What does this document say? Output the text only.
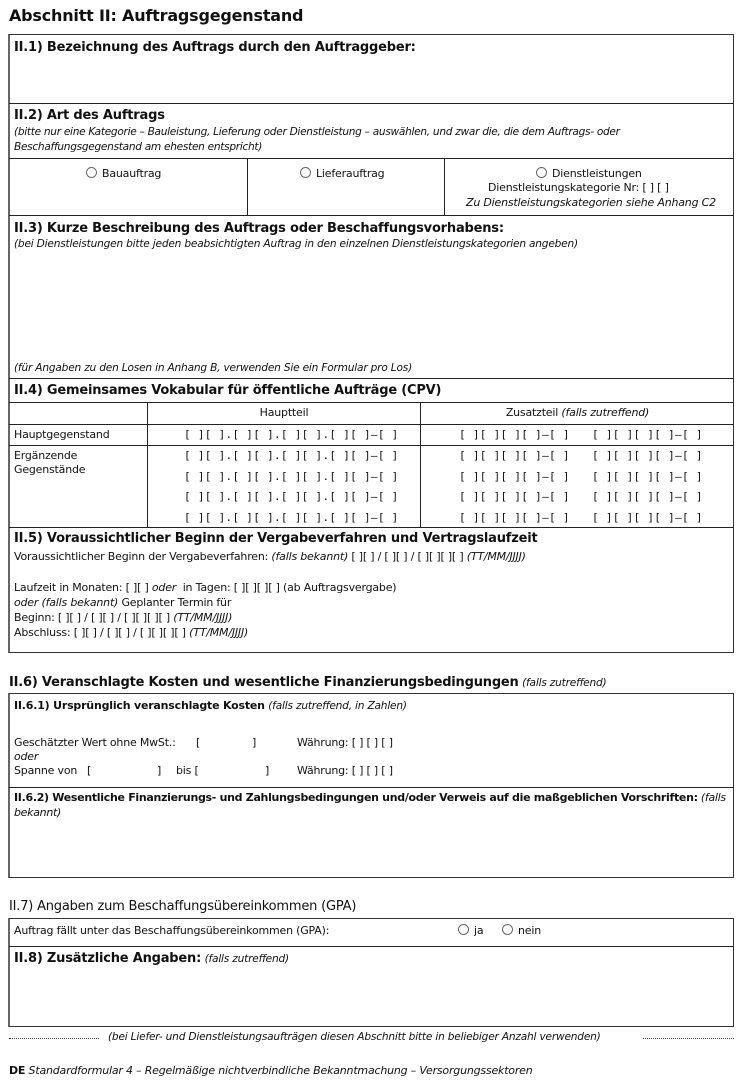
Abschnitt II: Auftragsgegenstand
II.1) Bezeichnung des Auftrags durch den Auftraggeber:
II.2) Art des Auftrags
(bitte nur eine Kategorie – Bauleistung, Lieferung oder Dienstleistung – auswählen, und zwar die, die dem Auftrags- oder Beschaffungsgegenstand am ehesten entspricht)
Bauauftrag	Lieferauftrag	Dienstleistungen
Dienstleistungskategorie Nr: [ ] [ ]
Zu Dienstleistungskategorien siehe Anhang C2
II.3) Kurze Beschreibung des Auftrags oder Beschaffungsvorhabens:
(bei Dienstleistungen bitte jeden beabsichtigten Auftrag in den einzelnen Dienstleistungskategorien angeben)
(für Angaben zu den Losen in Anhang B, verwenden Sie ein Formular pro Los)
II.4) Gemeinsames Vokabular für öffentliche Aufträge (CPV)
Hauptteil	Zusatzteil (falls zutreffend)
Hauptgegenstand	[ ][ ].[ ][ ].[ ][ ].[ ][ ]–[ ]	[ ][ ][ ][ ]–[ ] [ ][ ][ ][ ]–[ ]
Ergänzende
Gegenstände
[ ][ ].[ ][ ].[ ][ ].[ ][ ]–[ ]	[ ][ ][ ][ ]–[ ] [ ][ ][ ][ ]–[ ]
[ ][ ].[ ][ ].[ ][ ].[ ][ ]–[ ]	[ ][ ][ ][ ]–[ ] [ ][ ][ ][ ]–[ ]
[ ][ ].[ ][ ].[ ][ ].[ ][ ]–[ ]	[ ][ ][ ][ ]–[ ] [ ][ ][ ][ ]–[ ]
[ ][ ].[ ][ ].[ ][ ].[ ][ ]–[ ]	[ ][ ][ ][ ]–[ ] [ ][ ][ ][ ]–[ ]
II.5) Voraussichtlicher Beginn der Vergabeverfahren und Vertragslaufzeit
Voraussichtlicher Beginn der Vergabeverfahren: (falls bekannt) [ ][ ] / [ ][ ] / [ ][ ][ ][ ] (TT/MM/JJJJ)
Laufzeit in Monaten: [ ][ ] oder in Tagen: [ ][ ][ ][ ] (ab Auftragsvergabe)
oder (falls bekannt) Geplanter Termin für
Beginn: [ ][ ] / [ ][ ] / [ ][ ][ ][ ] (TT/MM/JJJJ)
Abschluss: [ ][ ] / [ ][ ] / [ ][ ][ ][ ] (TT/MM/JJJJ)
II.6) Veranschlagte Kosten und wesentliche Finanzierungsbedingungen (falls zutreffend)
II.6.1) Ursprünglich veranschlagte Kosten (falls zutreffend, in Zahlen)
Geschätzter Wert ohne MwSt.: [	]	Währung: [ ] [ ] [ ]
oder
Spanne von [	] bis [	]	Währung: [ ] [ ] [ ]
II.6.2) Wesentliche Finanzierungs- und Zahlungsbedingungen und/oder Verweis auf die maßgeblichen Vorschriften: (falls bekannt)
II.7) Angaben zum Beschaffungsübereinkommen (GPA)
Auftrag fällt unter das Beschaffungsübereinkommen (GPA):	ja	nein
II.8) Zusätzliche Angaben: (falls zutreffend)
(bei Liefer- und Dienstleistungsaufträgen diesen Abschnitt bitte in beliebiger Anzahl verwenden)
DE Standardformular 4 – Regelmäßige nichtverbindliche Bekanntmachung – Versorgungssektoren
